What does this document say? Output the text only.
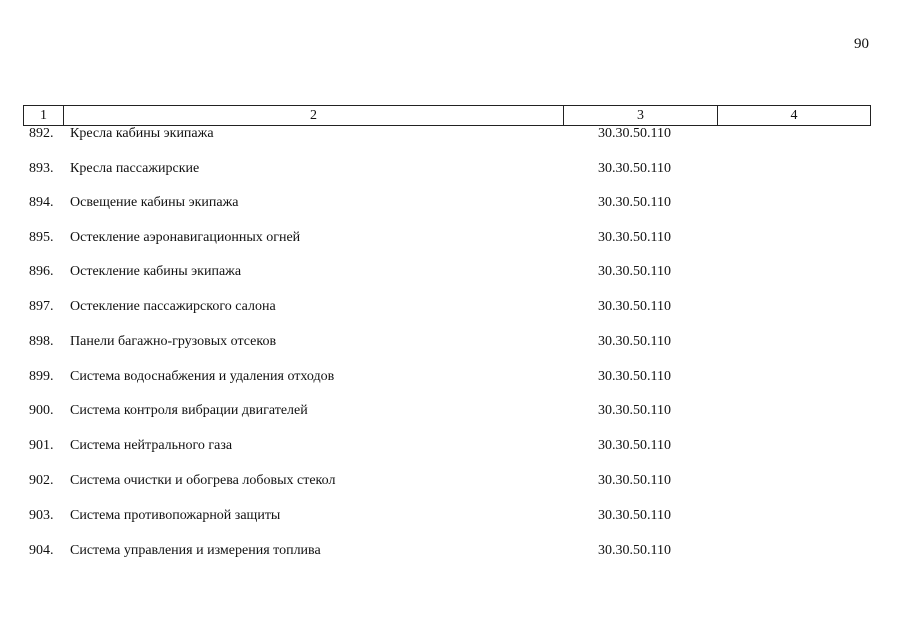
90
1	2	3	4
892. Кресла кабины экипажа	30.30.50.110
893. Кресла пассажирские	30.30.50.110
894. Освещение кабины экипажа	30.30.50.110
895. Остекление аэронавигационных огней	30.30.50.110
896. Остекление кабины экипажа	30.30.50.110
897. Остекление пассажирского салона	30.30.50.110
898. Панели багажно-грузовых отсеков	30.30.50.110
899. Система водоснабжения и удаления отходов	30.30.50.110
900. Система контроля вибрации двигателей	30.30.50.110
901. Система нейтрального газа	30.30.50.110
902. Система очистки и обогрева лобовых стекол	30.30.50.110
903. Система противопожарной защиты	30.30.50.110
904. Система управления и измерения топлива	30.30.50.110
